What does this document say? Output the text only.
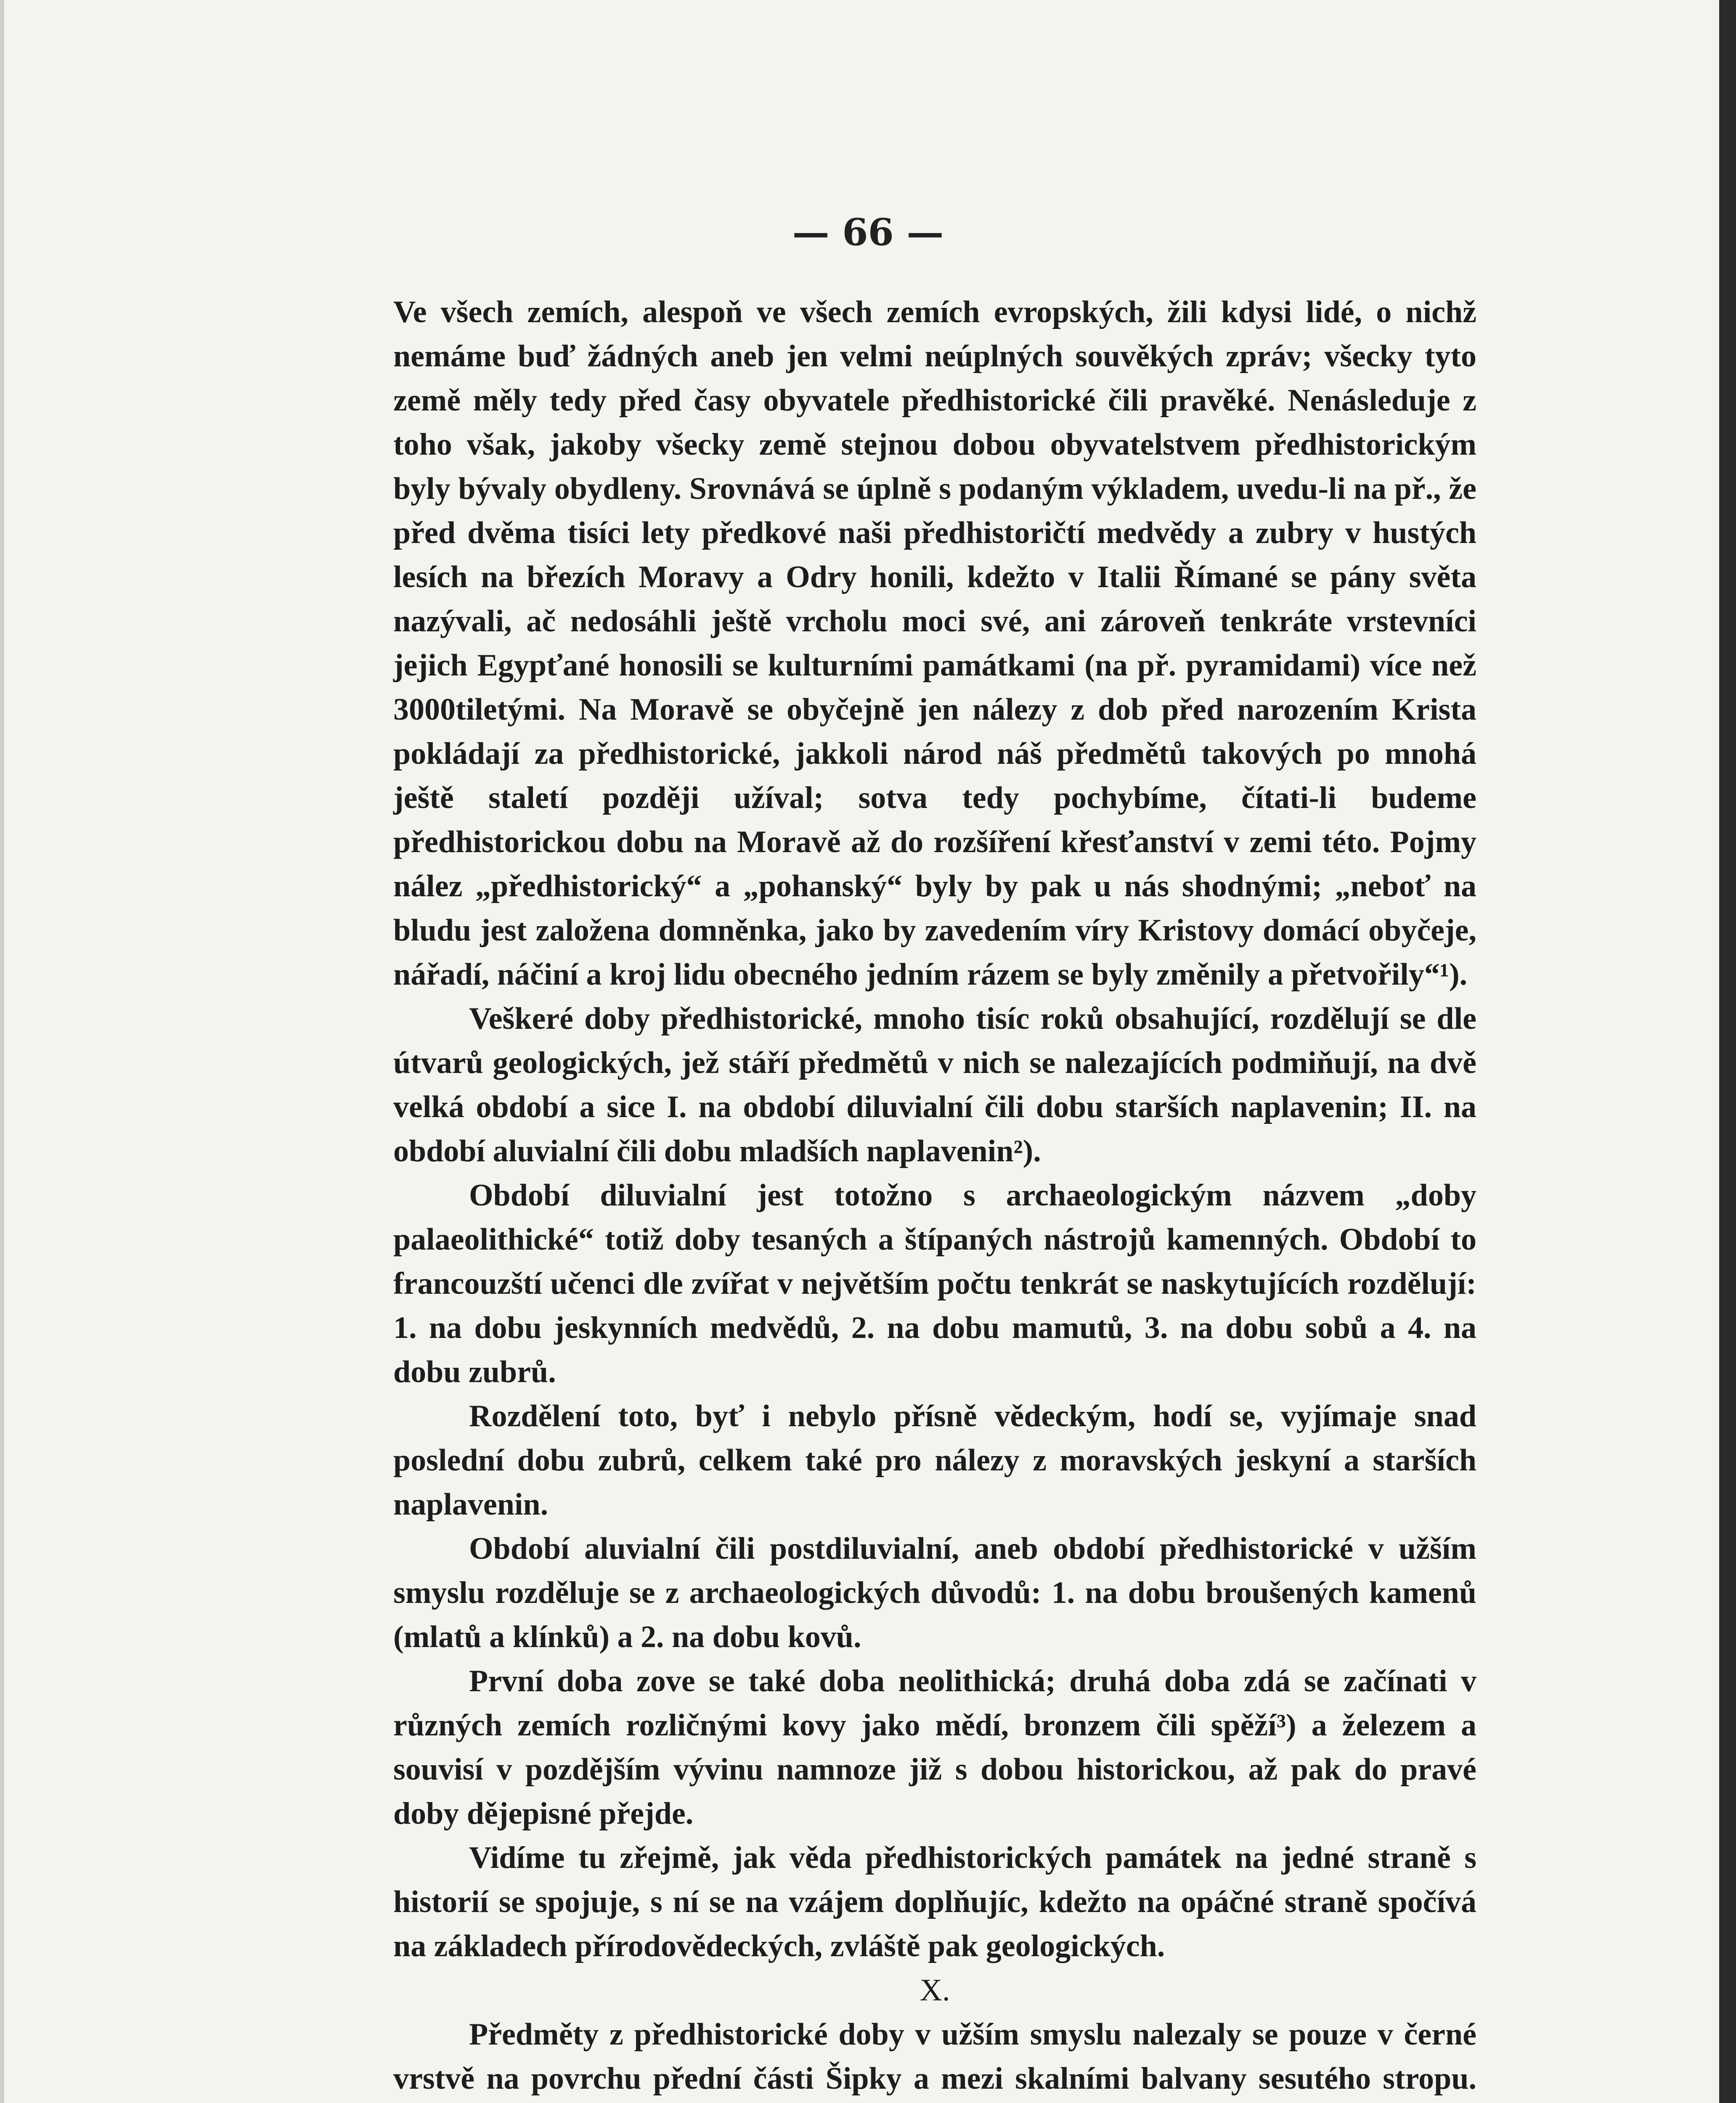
— 66 —

Ve všech zemích, alespoň ve všech zemích evropských, žili kdysi lidé, o nichž nemáme buď žádných aneb jen velmi neúplných souvěkých zpráv; všecky tyto země měly tedy před časy obyvatele předhistorické čili pravěké. Nenásleduje z toho však, jakoby všecky země stejnou dobou obyvatelstvem předhistorickým byly bývaly obydleny. Srovnává se úplně s podaným výkladem, uvedu-li na př., že před dvěma tisíci lety předkové naši předhistoričtí medvědy a zubry v hustých lesích na březích Moravy a Odry honili, kdežto v Italii Římané se pány světa nazývali, ač nedosáhli ještě vrcholu moci své, ani zároveň tenkráte vrstevníci jejich Egypťané honosili se kulturními památkami (na př. pyramidami) více než 3000tiletými. Na Moravě se obyčejně jen nálezy z dob před narozením Krista pokládají za předhistorické, jakkoli národ náš předmětů takových po mnohá ještě staletí později užíval; sotva tedy pochybíme, čítati-li budeme předhistorickou dobu na Moravě až do rozšíření křesťanství v zemi této. Pojmy nález „předhistorický“ a „pohanský“ byly by pak u nás shodnými; „neboť na bludu jest založena domněnka, jako by zavedením víry Kristovy domácí obyčeje, nářadí, náčiní a kroj lidu obecného jedním rázem se byly změnily a přetvořily“¹).

Veškeré doby předhistorické, mnoho tisíc roků obsahující, rozdělují se dle útvarů geologických, jež stáří předmětů v nich se nalezajících podmiňují, na dvě velká období a sice I. na období diluvialní čili dobu starších naplavenin; II. na období aluvialní čili dobu mladších naplavenin²).

Období diluvialní jest totožno s archaeologickým názvem „doby palaeolithické“ totiž doby tesaných a štípaných nástrojů kamenných. Období to francouzští učenci dle zvířat v největším počtu tenkrát se naskytujících rozdělují: 1. na dobu jeskynních medvědů, 2. na dobu mamutů, 3. na dobu sobů a 4. na dobu zubrů.

Rozdělení toto, byť i nebylo přísně vědeckým, hodí se, vyjímaje snad poslední dobu zubrů, celkem také pro nálezy z moravských jeskyní a starších naplavenin.

Období aluvialní čili postdiluvialní, aneb období předhistorické v užším smyslu rozděluje se z archaeologických důvodů: 1. na dobu broušených kamenů (mlatů a klínků) a 2. na dobu kovů.

První doba zove se také doba neolithická; druhá doba zdá se začínati v různých zemích rozličnými kovy jako mědí, bronzem čili spěží³) a železem a souvisí v pozdějším vývinu namnoze již s dobou historickou, až pak do pravé doby dějepisné přejde.

Vidíme tu zřejmě, jak věda předhistorických památek na jedné straně s historií se spojuje, s ní se na vzájem doplňujíc, kdežto na opáčné straně spočívá na základech přírodovědeckých, zvláště pak geologických.

X.

Předměty z předhistorické doby v užším smyslu nalezaly se pouze v černé vrstvě na povrchu přední části Šipky a mezi skalními balvany sesutého stropu.
